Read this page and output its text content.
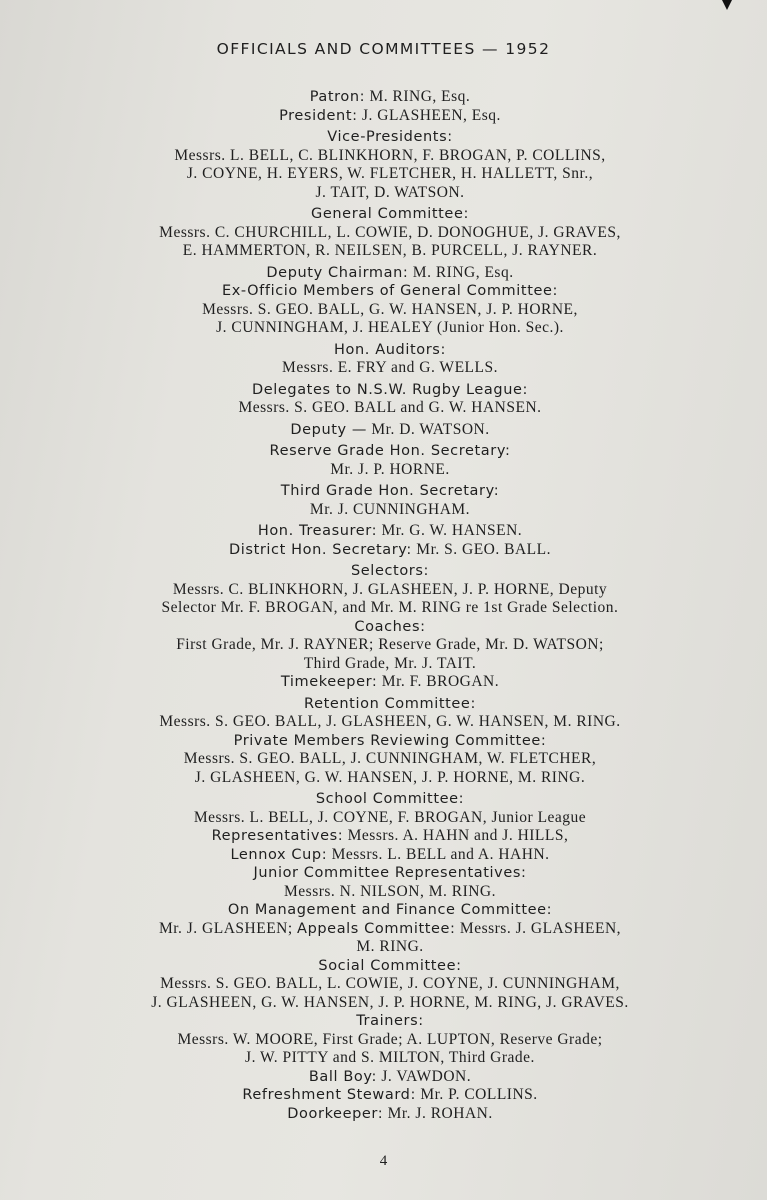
OFFICIALS AND COMMITTEES — 1952
Patron: M. RING, Esq.
President: J. GLASHEEN, Esq.
Vice-Presidents:
Messrs. L. BELL, C. BLINKHORN, F. BROGAN, P. COLLINS,
J. COYNE, H. EYERS, W. FLETCHER, H. HALLETT, Snr.,
J. TAIT, D. WATSON.
General Committee:
Messrs. C. CHURCHILL, L. COWIE, D. DONOGHUE, J. GRAVES,
E. HAMMERTON, R. NEILSEN, B. PURCELL, J. RAYNER.
Deputy Chairman: M. RING, Esq.
Ex-Officio Members of General Committee:
Messrs. S. GEO. BALL, G. W. HANSEN, J. P. HORNE,
J. CUNNINGHAM, J. HEALEY (Junior Hon. Sec.).
Hon. Auditors:
Messrs. E. FRY and G. WELLS.
Delegates to N.S.W. Rugby League:
Messrs. S. GEO. BALL and G. W. HANSEN.
Deputy — Mr. D. WATSON.
Reserve Grade Hon. Secretary:
Mr. J. P. HORNE.
Third Grade Hon. Secretary:
Mr. J. CUNNINGHAM.
Hon. Treasurer: Mr. G. W. HANSEN.
District Hon. Secretary: Mr. S. GEO. BALL.
Selectors:
Messrs. C. BLINKHORN, J. GLASHEEN, J. P. HORNE, Deputy
Selector Mr. F. BROGAN, and Mr. M. RING re 1st Grade Selection.
Coaches:
First Grade, Mr. J. RAYNER; Reserve Grade, Mr. D. WATSON;
Third Grade, Mr. J. TAIT.
Timekeeper: Mr. F. BROGAN.
Retention Committee:
Messrs. S. GEO. BALL, J. GLASHEEN, G. W. HANSEN, M. RING.
Private Members Reviewing Committee:
Messrs. S. GEO. BALL, J. CUNNINGHAM, W. FLETCHER,
J. GLASHEEN, G. W. HANSEN, J. P. HORNE, M. RING.
School Committee:
Messrs. L. BELL, J. COYNE, F. BROGAN, Junior League
Representatives: Messrs. A. HAHN and J. HILLS,
Lennox Cup: Messrs. L. BELL and A. HAHN.
Junior Committee Representatives:
Messrs. N. NILSON, M. RING.
On Management and Finance Committee:
Mr. J. GLASHEEN; Appeals Committee: Messrs. J. GLASHEEN,
M. RING.
Social Committee:
Messrs. S. GEO. BALL, L. COWIE, J. COYNE, J. CUNNINGHAM,
J. GLASHEEN, G. W. HANSEN, J. P. HORNE, M. RING, J. GRAVES.
Trainers:
Messrs. W. MOORE, First Grade; A. LUPTON, Reserve Grade;
J. W. PITTY and S. MILTON, Third Grade.
Ball Boy: J. VAWDON.
Refreshment Steward: Mr. P. COLLINS.
Doorkeeper: Mr. J. ROHAN.
4
